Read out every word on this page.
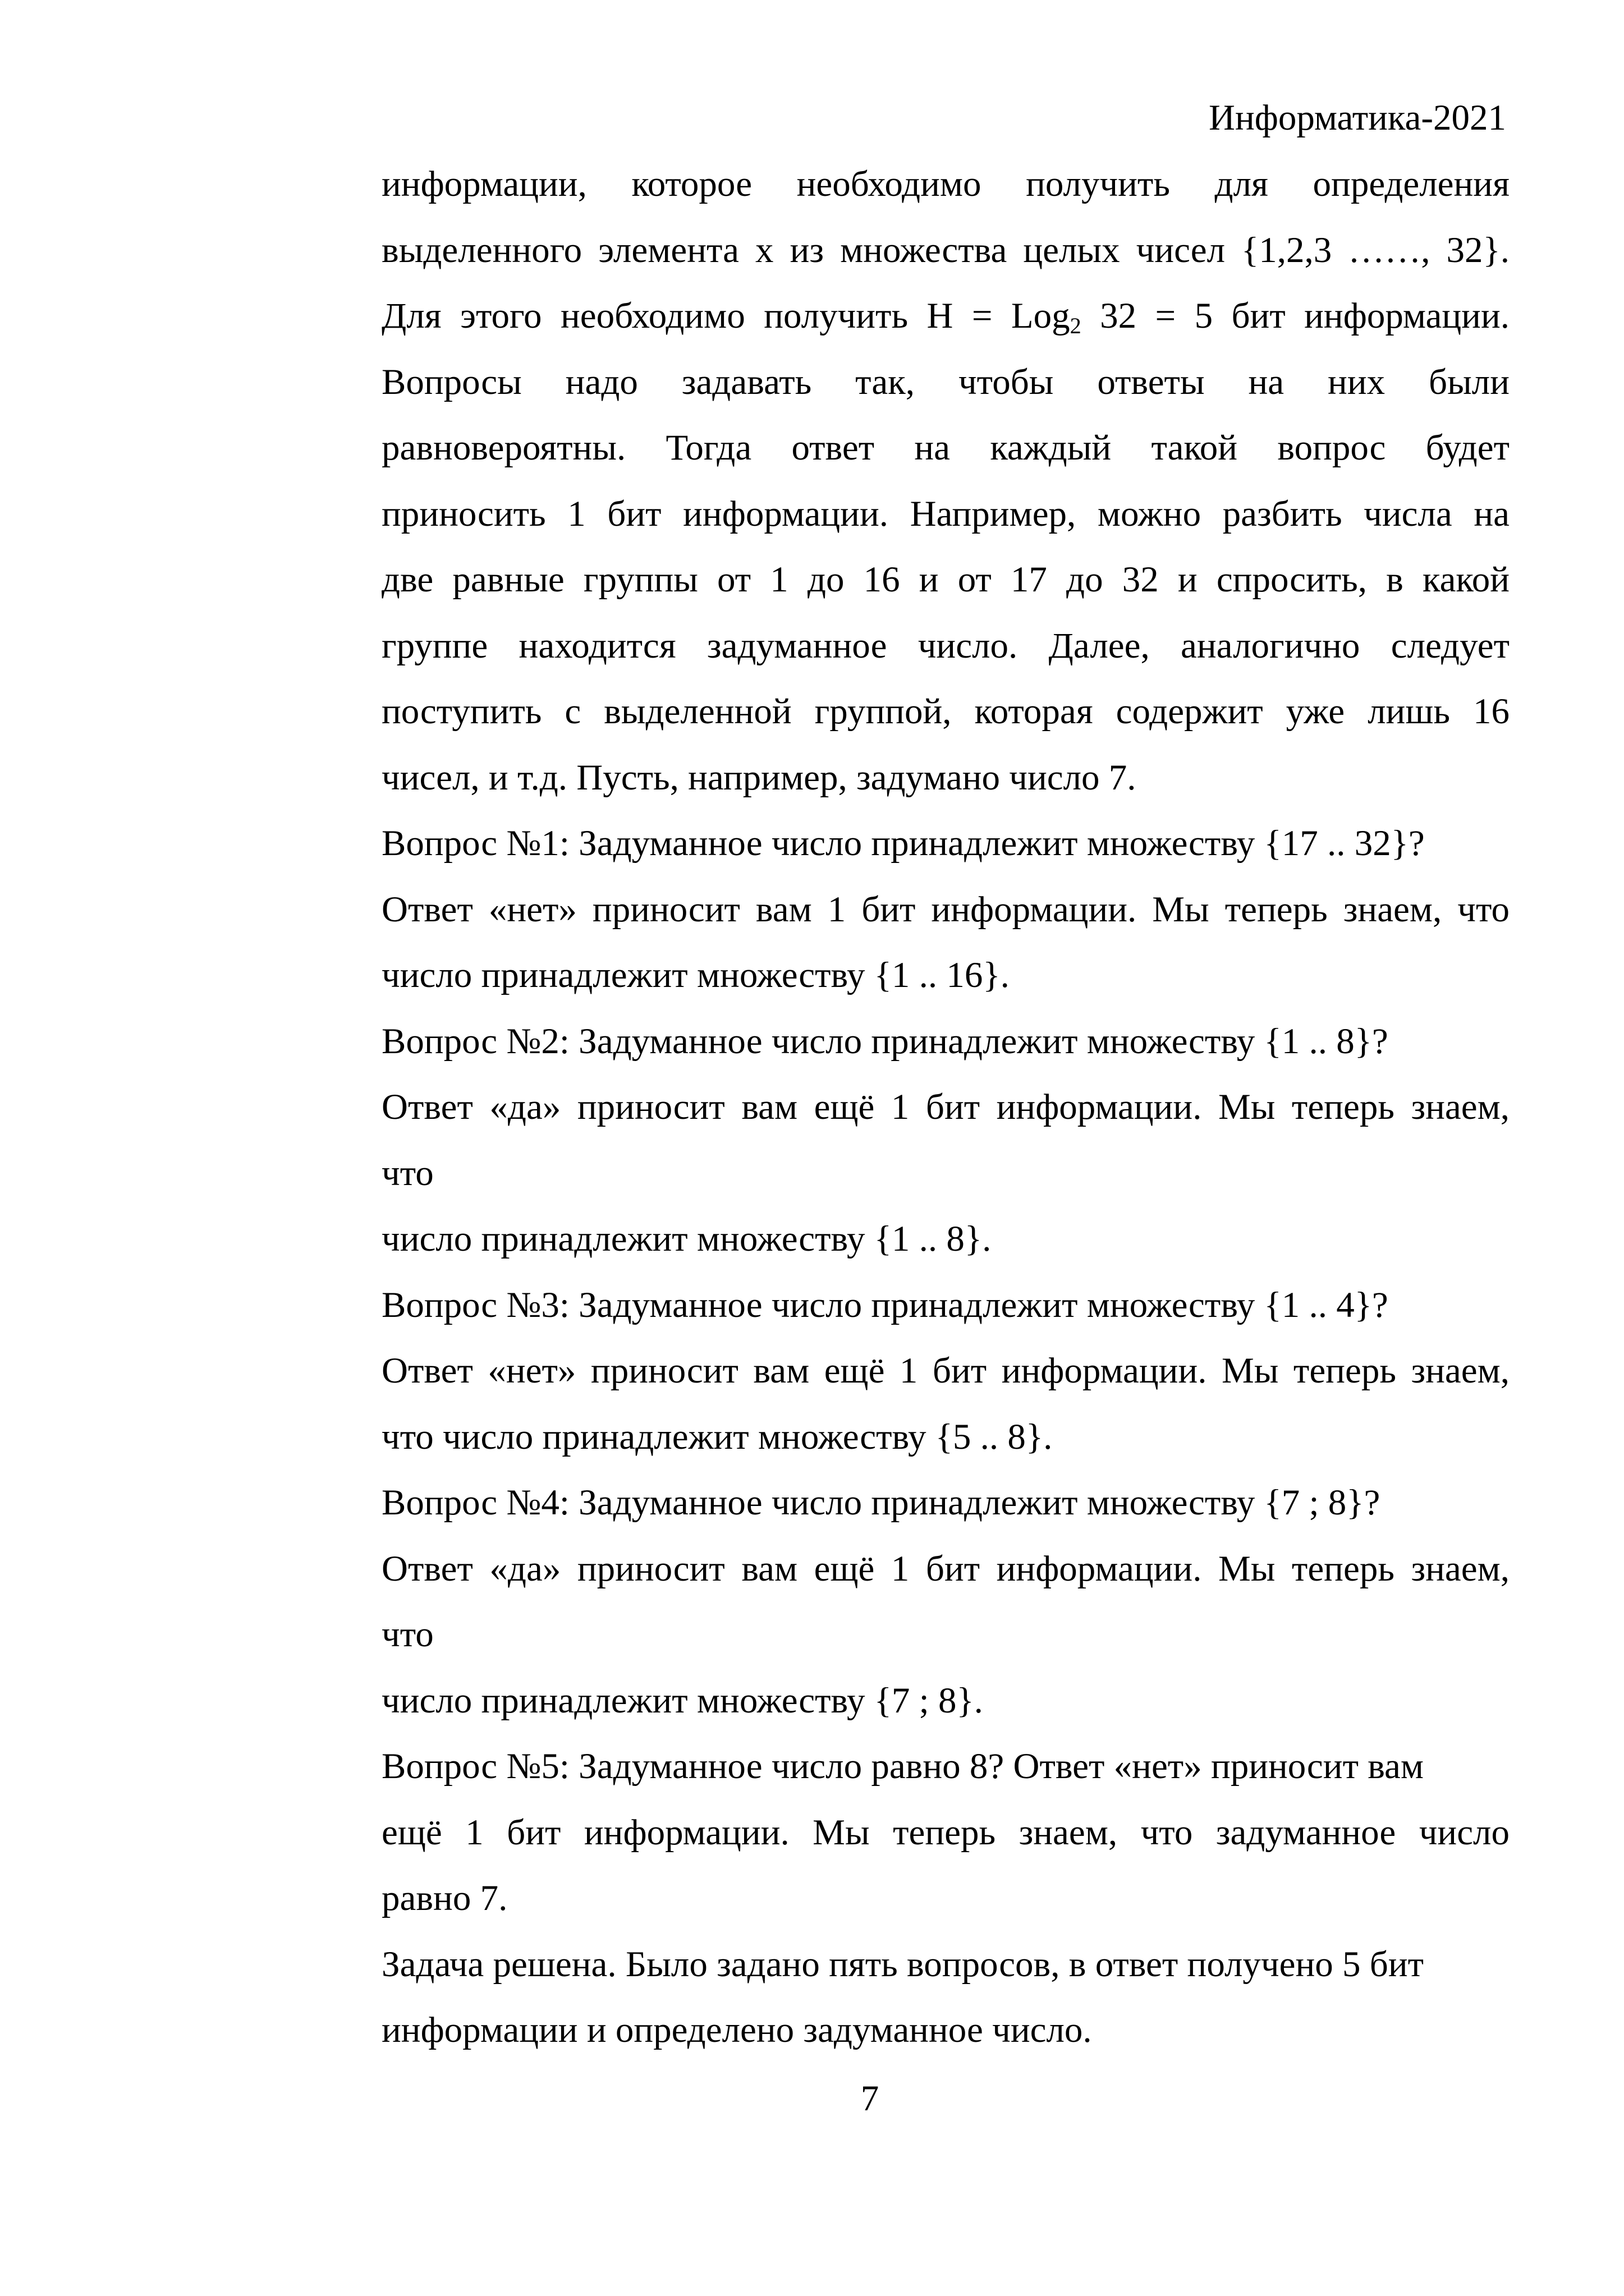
Информатика-2021
информации, которое необходимо получить для определения
выделенного элемента x из множества целых чисел {1,2,3 ……, 32}.
Для этого необходимо получить H = Log$_2$ 32 = 5 бит информации.
Вопросы надо задавать так, чтобы ответы на них были
равновероятны. Тогда ответ на каждый такой вопрос будет
приносить 1 бит информации. Например, можно разбить числа на
две равные группы от 1 до 16 и от 17 до 32 и спросить, в какой
группе находится задуманное число. Далее, аналогично следует
поступить с выделенной группой, которая содержит уже лишь 16
чисел, и т.д. Пусть, например, задумано число 7.
Вопрос №1: Задуманное число принадлежит множеству {17 .. 32}?
Ответ «нет» приносит вам 1 бит информации. Мы теперь знаем, что
число принадлежит множеству {1 .. 16}.
Вопрос №2: Задуманное число принадлежит множеству {1 .. 8}?
Ответ «да» приносит вам ещё 1 бит информации. Мы теперь знаем,
что
число принадлежит множеству {1 .. 8}.
Вопрос №3: Задуманное число принадлежит множеству {1 .. 4}?
Ответ «нет» приносит вам ещё 1 бит информации. Мы теперь знаем,
что число принадлежит множеству {5 .. 8}.
Вопрос №4: Задуманное число принадлежит множеству {7 ; 8}?
Ответ «да» приносит вам ещё 1 бит информации. Мы теперь знаем,
что
число принадлежит множеству {7 ; 8}.
Вопрос №5: Задуманное число равно 8? Ответ «нет» приносит вам
ещё 1 бит информации. Мы теперь знаем, что задуманное число
равно 7.
Задача решена. Было задано пять вопросов, в ответ получено 5 бит
информации и определено задуманное число.
7
